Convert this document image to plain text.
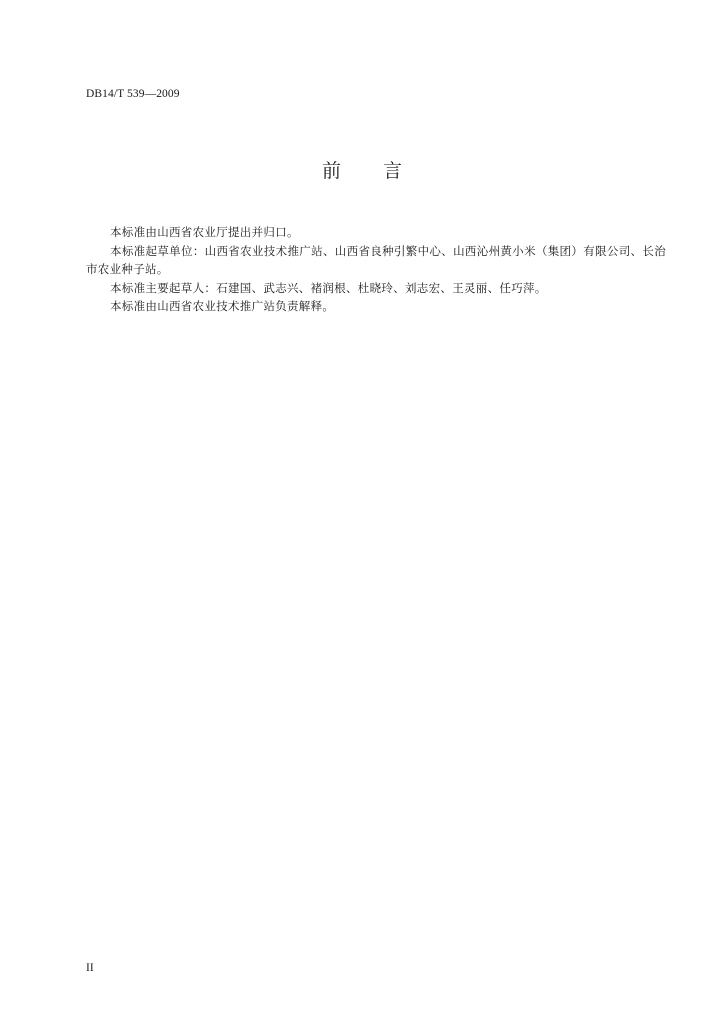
DB14/T 539—2009
前 言

本标准由山西省农业厅提出并归口。

本标准起草单位：山西省农业技术推广站、山西省良种引繁中心、山西沁州黄小米（集团）有限公司、长治市农业种子站。

本标准主要起草人：石建国、武志兴、褚润根、杜晓玲、刘志宏、王灵丽、任巧萍。

本标准由山西省农业技术推广站负责解释。

II
